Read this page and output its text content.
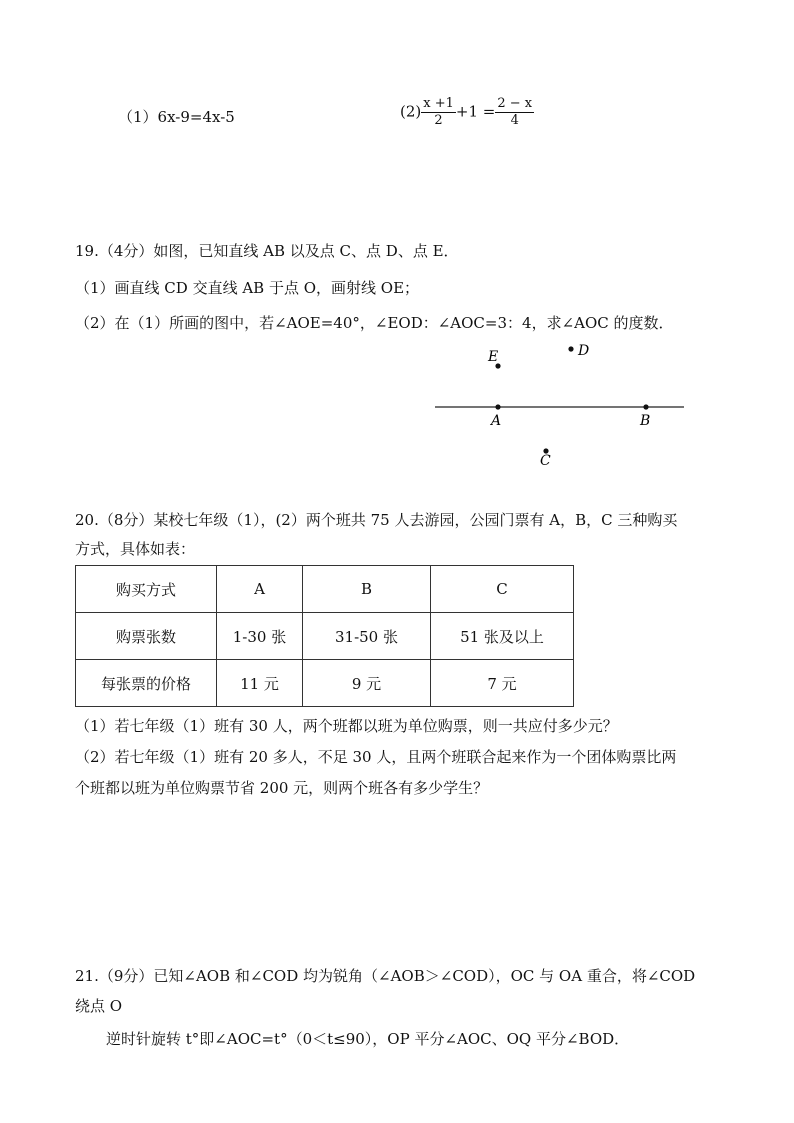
（1）6x-9=4x-5	$(2) \frac{x +1}{2} +1 = \frac{2 - x}{4}$
19.（4分）如图，已知直线 AB 以及点 C、点 D、点 E．
（1）画直线 CD 交直线 AB 于点 O，画射线 OE；
（2）在（1）所画的图中，若∠AOE=40°，∠EOD：∠AOC=3：4，求∠AOC 的度数．
E	D
A	B
C
20.（8分）某校七年级（1），(2）两个班共 75 人去游园，公园门票有 A，B，C 三种购买
方式，具体如表：
购买方式	A	B	C
购票张数	1-30 张	31-50 张	51 张及以上
每张票的价格	11 元	9 元	7 元
（1）若七年级（1）班有 30 人，两个班都以班为单位购票，则一共应付多少元？
（2）若七年级（1）班有 20 多人，不足 30 人，且两个班联合起来作为一个团体购票比两
个班都以班为单位购票节省 200 元，则两个班各有多少学生？
21.（9分）已知∠AOB 和∠COD 均为锐角（∠AOB＞∠COD），OC 与 OA 重合，将∠COD
绕点 O
逆时针旋转 t°即∠AOC=t°（0＜t≤90），OP 平分∠AOC、OQ 平分∠BOD．
